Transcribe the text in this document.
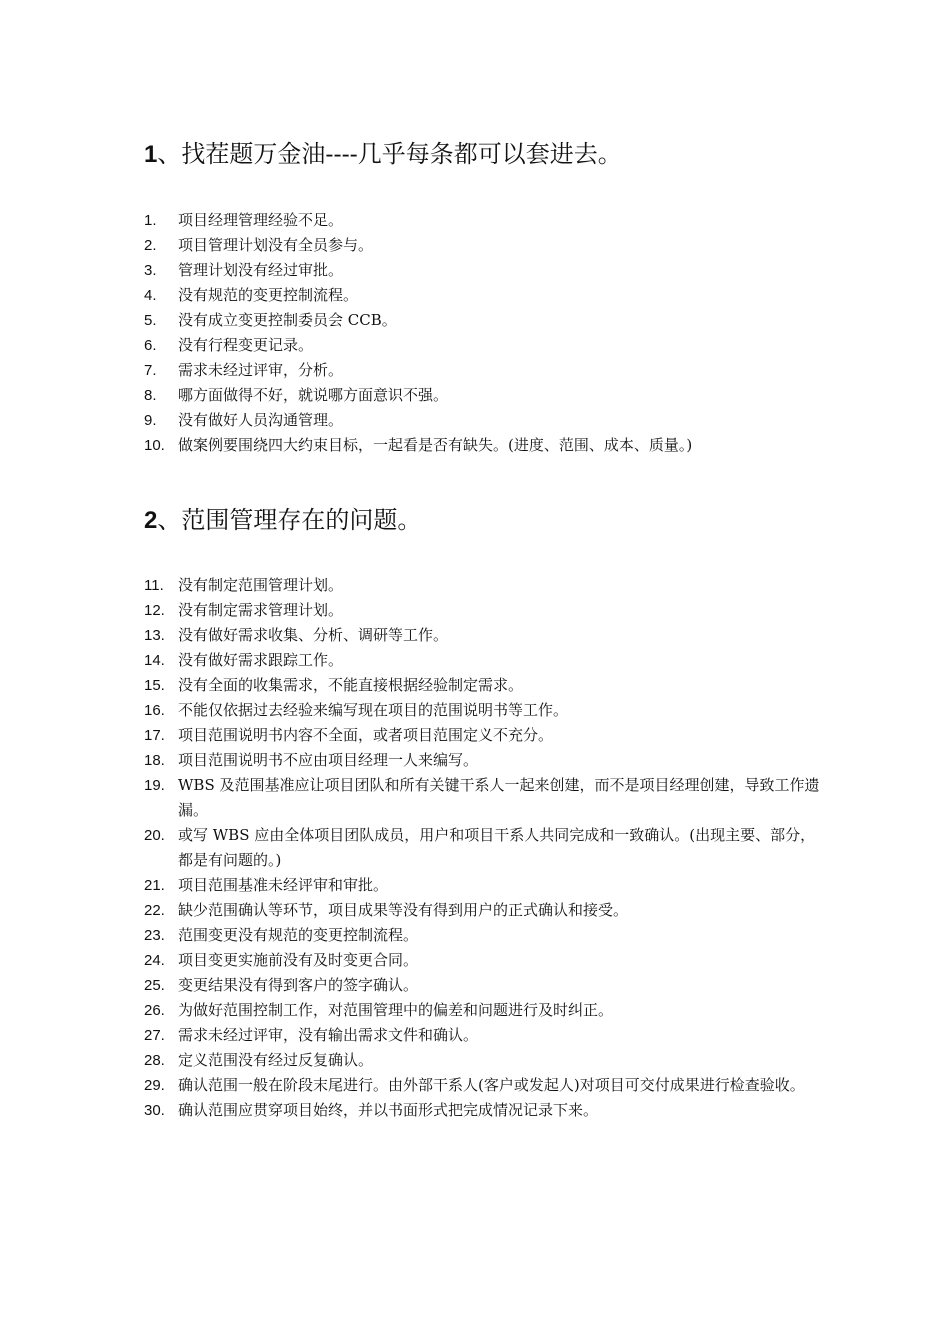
1、找茬题万金油----几乎每条都可以套进去。
1. 项目经理管理经验不足。
2. 项目管理计划没有全员参与。
3. 管理计划没有经过审批。
4. 没有规范的变更控制流程。
5. 没有成立变更控制委员会 CCB。
6. 没有行程变更记录。
7. 需求未经过评审，分析。
8. 哪方面做得不好，就说哪方面意识不强。
9. 没有做好人员沟通管理。
10. 做案例要围绕四大约束目标，一起看是否有缺失。(进度、范围、成本、质量。)
2、范围管理存在的问题。
11. 没有制定范围管理计划。
12. 没有制定需求管理计划。
13. 没有做好需求收集、分析、调研等工作。
14. 没有做好需求跟踪工作。
15. 没有全面的收集需求，不能直接根据经验制定需求。
16. 不能仅依据过去经验来编写现在项目的范围说明书等工作。
17. 项目范围说明书内容不全面，或者项目范围定义不充分。
18. 项目范围说明书不应由项目经理一人来编写。
19. WBS 及范围基准应让项目团队和所有关键干系人一起来创建，而不是项目经理创建，导致工作遗漏。
20. 或写 WBS 应由全体项目团队成员，用户和项目干系人共同完成和一致确认。(出现主要、部分，都是有问题的。)
21. 项目范围基准未经评审和审批。
22. 缺少范围确认等环节，项目成果等没有得到用户的正式确认和接受。
23. 范围变更没有规范的变更控制流程。
24. 项目变更实施前没有及时变更合同。
25. 变更结果没有得到客户的签字确认。
26. 为做好范围控制工作，对范围管理中的偏差和问题进行及时纠正。
27. 需求未经过评审，没有输出需求文件和确认。
28. 定义范围没有经过反复确认。
29. 确认范围一般在阶段末尾进行。由外部干系人(客户或发起人)对项目可交付成果进行检查验收。
30. 确认范围应贯穿项目始终，并以书面形式把完成情况记录下来。
